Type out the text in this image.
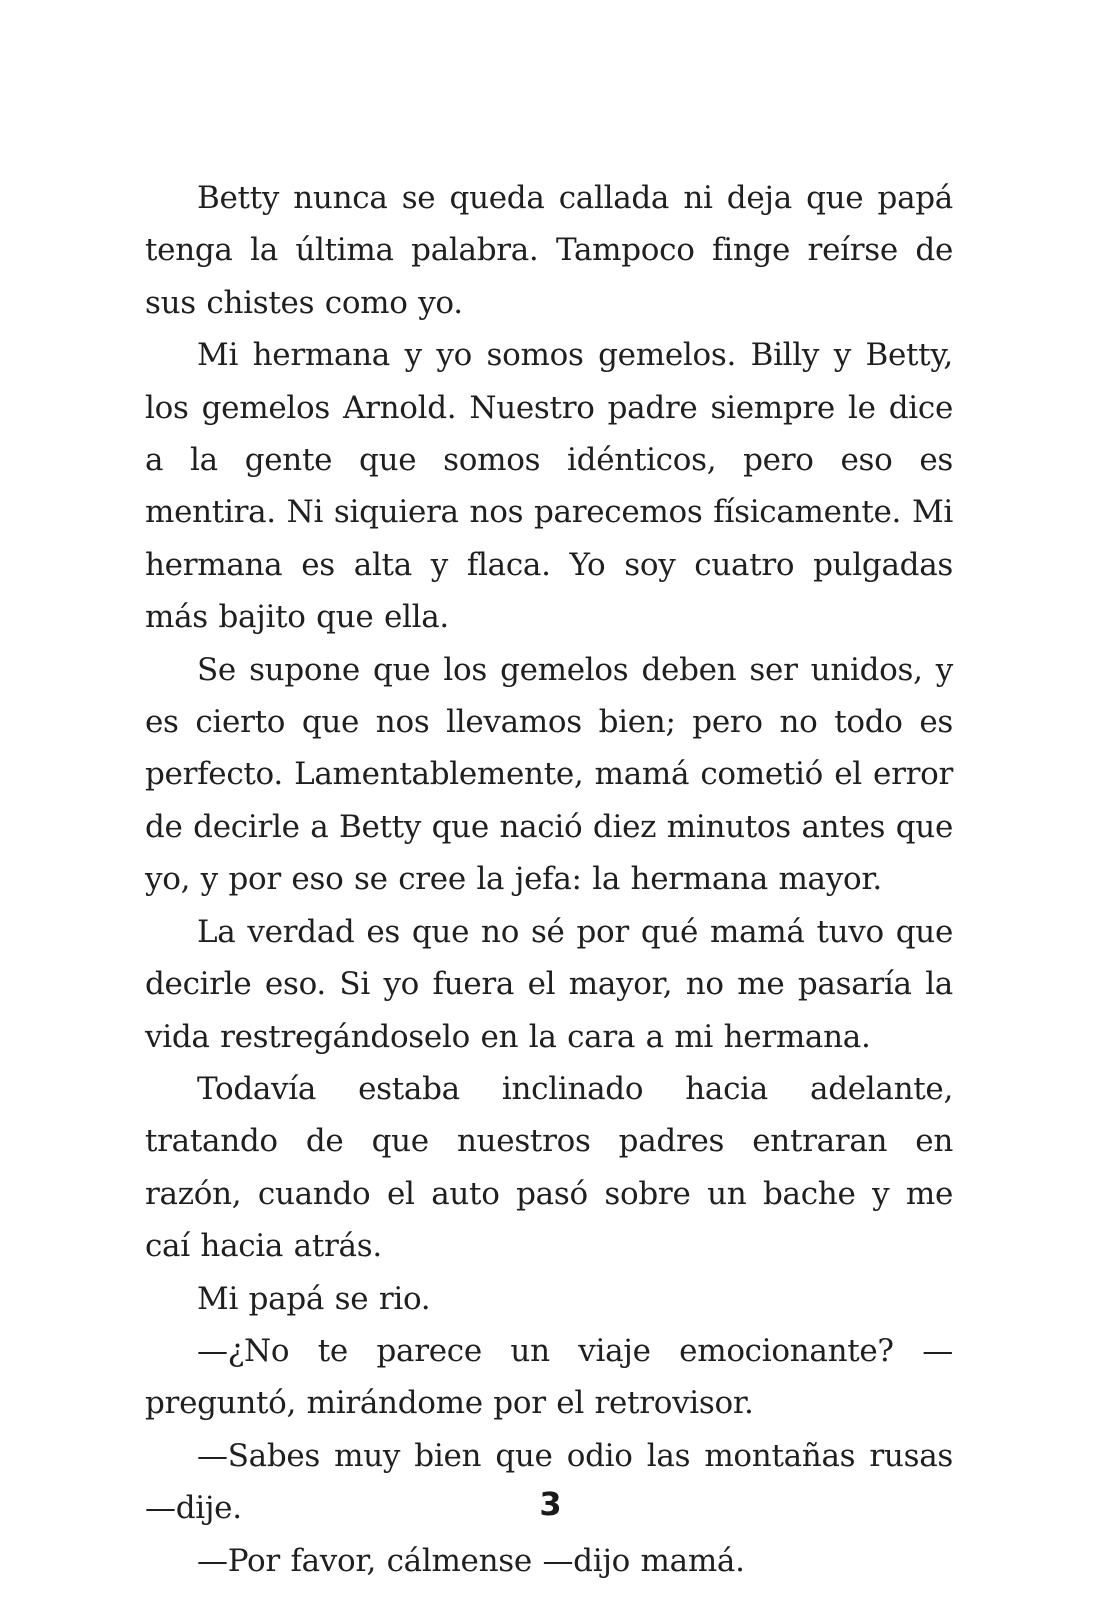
Betty nunca se queda callada ni deja que papá tenga la última palabra. Tampoco finge reírse de sus chistes como yo.

Mi hermana y yo somos gemelos. Billy y Betty, los gemelos Arnold. Nuestro padre siempre le dice a la gente que somos idénticos, pero eso es mentira. Ni siquiera nos parecemos físicamente. Mi hermana es alta y flaca. Yo soy cuatro pulgadas más bajito que ella.

Se supone que los gemelos deben ser unidos, y es cierto que nos llevamos bien; pero no todo es perfecto. Lamentablemente, mamá cometió el error de decirle a Betty que nació diez minutos antes que yo, y por eso se cree la jefa: la hermana mayor.

La verdad es que no sé por qué mamá tuvo que decirle eso. Si yo fuera el mayor, no me pasaría la vida restregándoselo en la cara a mi hermana.

Todavía estaba inclinado hacia adelante, tratando de que nuestros padres entraran en razón, cuando el auto pasó sobre un bache y me caí hacia atrás.

Mi papá se rio.

—¿No te parece un viaje emocionante? —preguntó, mirándome por el retrovisor.

—Sabes muy bien que odio las montañas rusas —dije.

—Por favor, cálmense —dijo mamá.

3
